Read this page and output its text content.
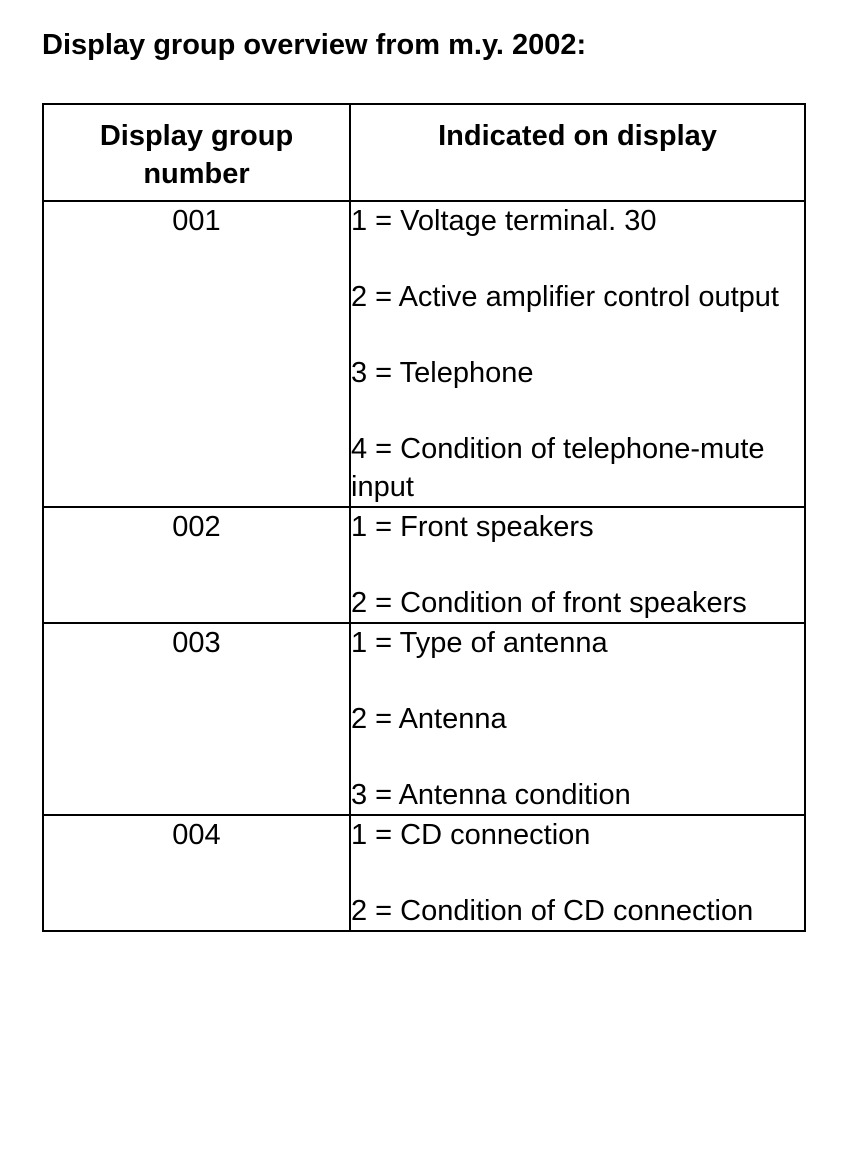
Display group overview from m.y. 2002:
Display group number	Indicated on display
001	1 = Voltage terminal. 30
2 = Active amplifier control output
3 = Telephone
4 = Condition of telephone-mute input

002	1 = Front speakers
2 = Condition of front speakers

003	1 = Type of antenna
2 = Antenna
3 = Antenna condition

004	1 = CD connection
2 = Condition of CD connection
